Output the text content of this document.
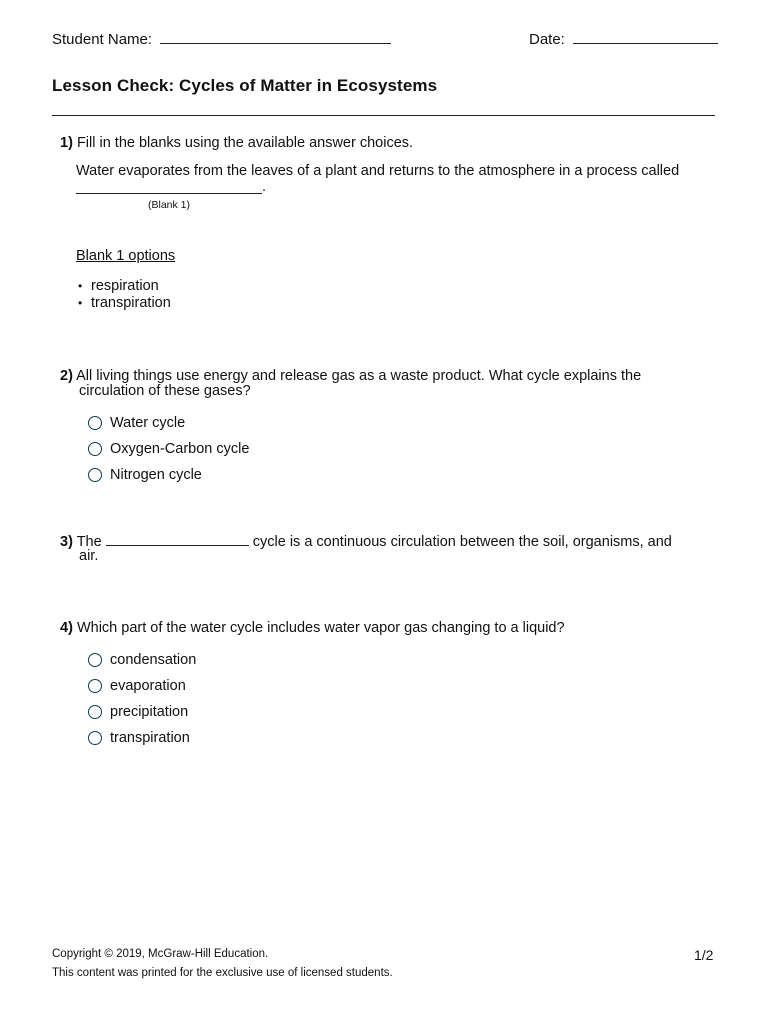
Student Name:	Date:
Lesson Check: Cycles of Matter in Ecosystems
1) Fill in the blanks using the available answer choices.
Water evaporates from the leaves of a plant and returns to the atmosphere in a process called
.
(Blank 1)
Blank 1 options
• respiration
• transpiration
2) All living things use energy and release gas as a waste product. What cycle explains the
circulation of these gases?
Water cycle
Oxygen-Carbon cycle
Nitrogen cycle
3) The	cycle is a continuous circulation between the soil, organisms, and
air.
4) Which part of the water cycle includes water vapor gas changing to a liquid?
condensation
evaporation
precipitation
transpiration
Copyright © 2019, McGraw-Hill Education.
This content was printed for the exclusive use of licensed students.
1/2
